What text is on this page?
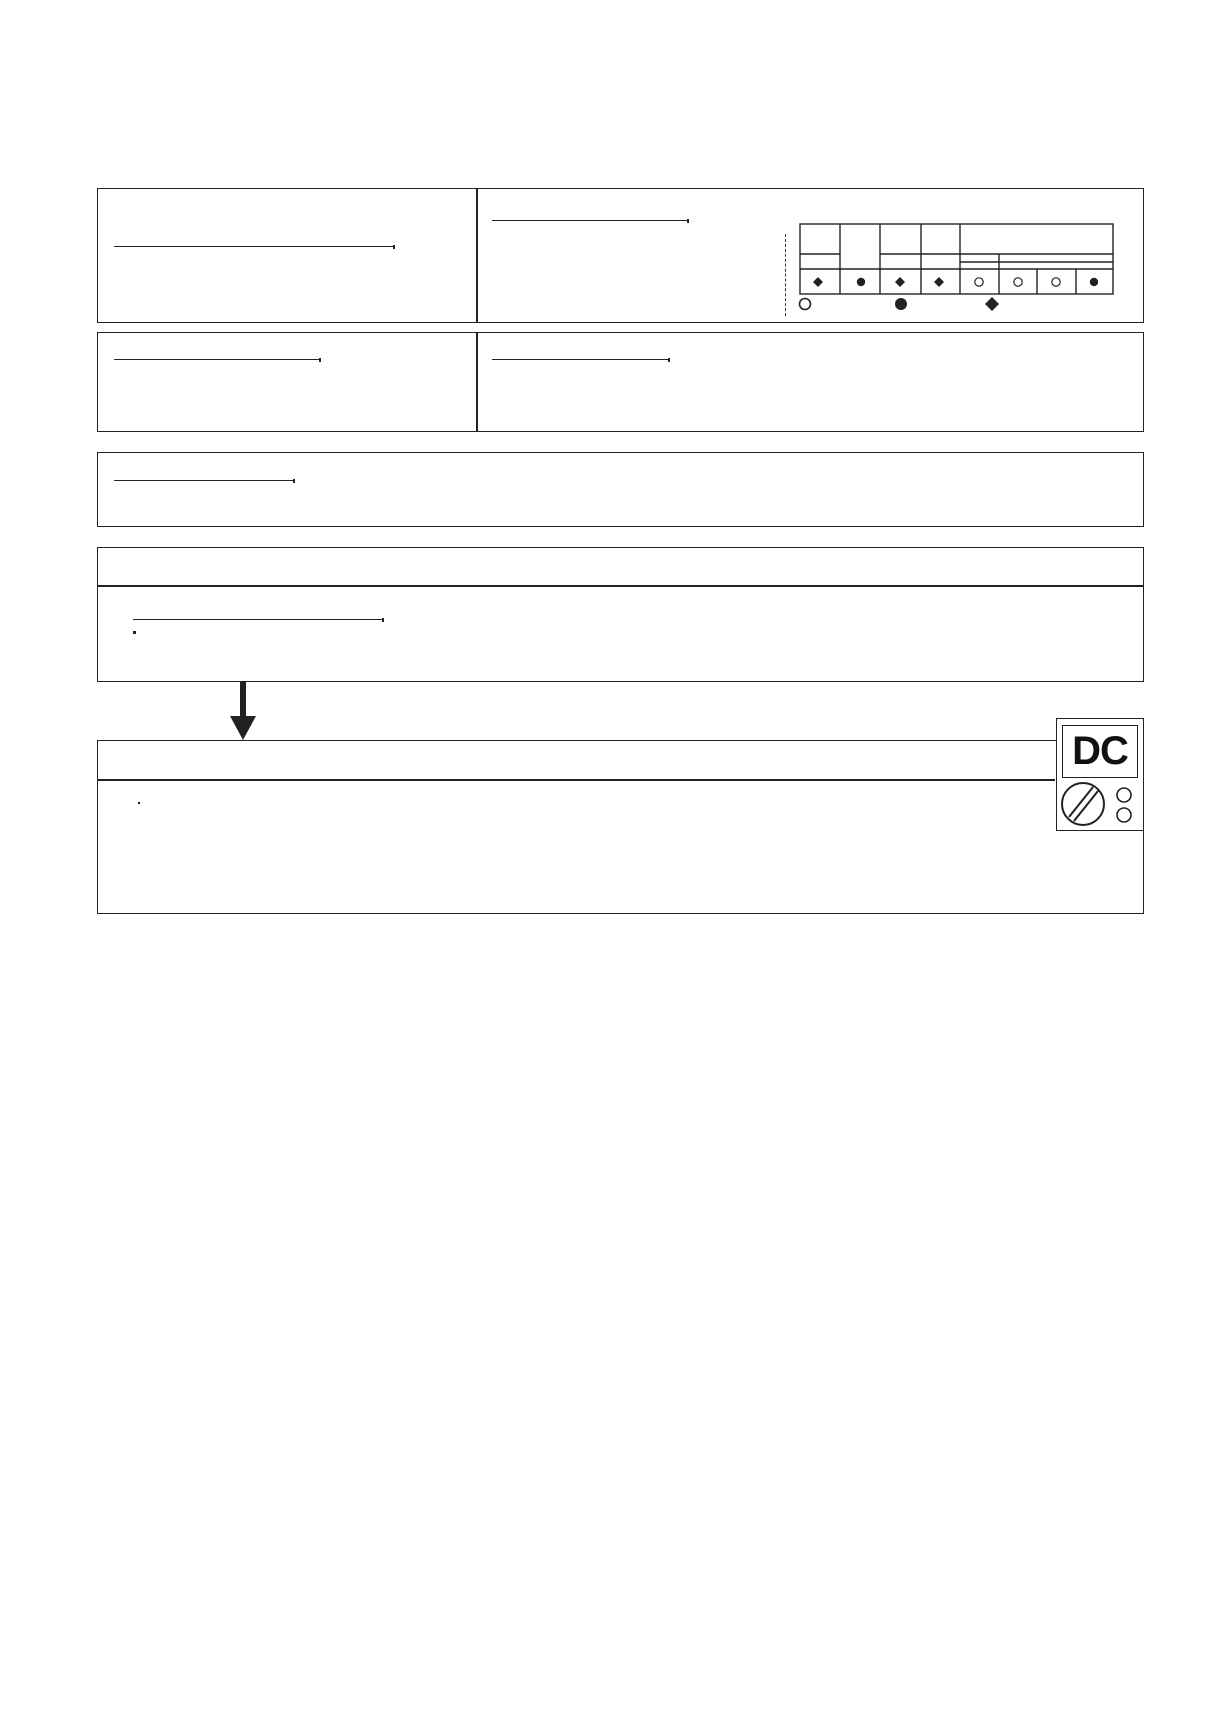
DC
